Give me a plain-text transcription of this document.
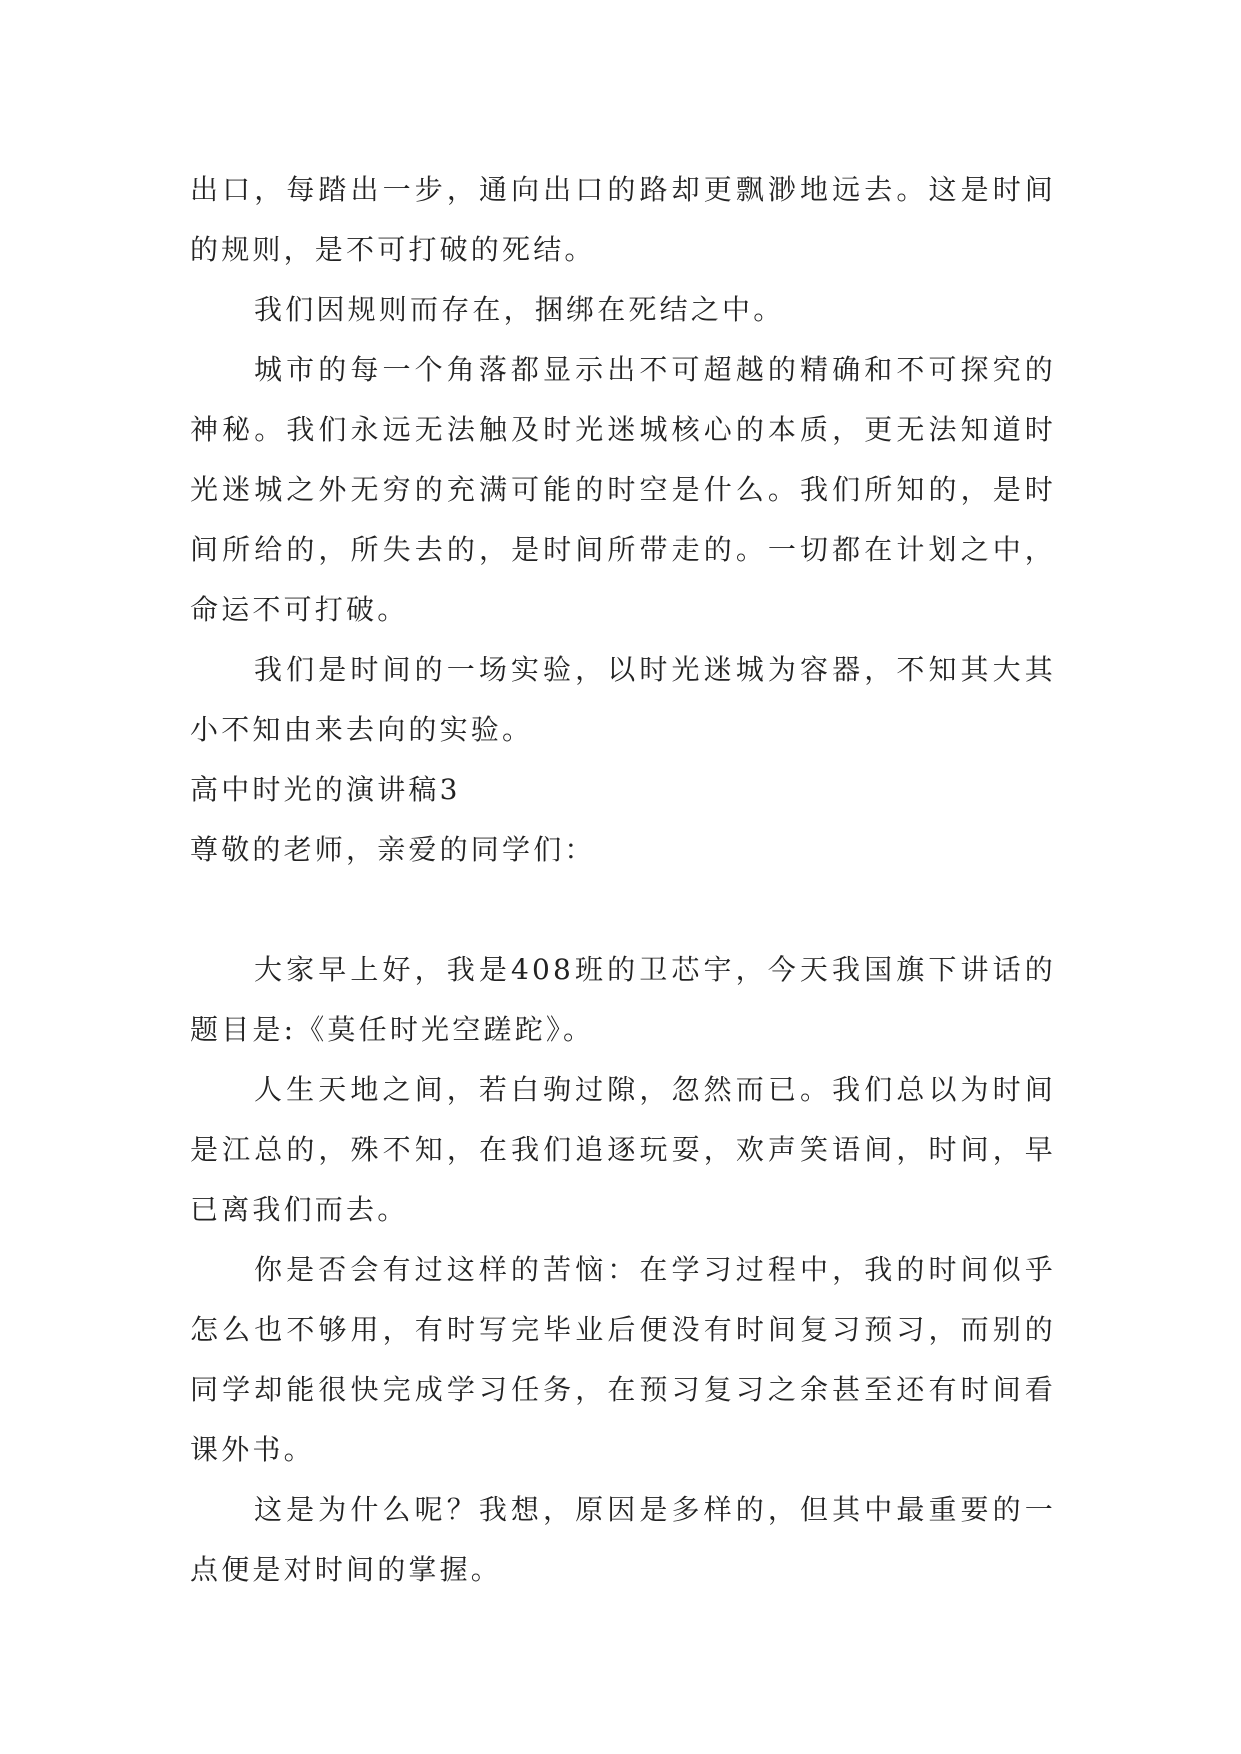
出口，每踏出一步，通向出口的路却更飘渺地远去。这是时间的规则，是不可打破的死结。

我们因规则而存在，捆绑在死结之中。

城市的每一个角落都显示出不可超越的精确和不可探究的神秘。我们永远无法触及时光迷城核心的本质，更无法知道时光迷城之外无穷的充满可能的时空是什么。我们所知的，是时间所给的，所失去的，是时间所带走的。一切都在计划之中，命运不可打破。

我们是时间的一场实验，以时光迷城为容器，不知其大其小不知由来去向的实验。

高中时光的演讲稿3

尊敬的老师，亲爱的同学们：

大家早上好，我是408班的卫芯宇，今天我国旗下讲话的题目是:《莫任时光空蹉跎》。

人生天地之间，若白驹过隙，忽然而已。我们总以为时间是江总的，殊不知，在我们追逐玩耍，欢声笑语间，时间，早已离我们而去。

你是否会有过这样的苦恼：在学习过程中，我的时间似乎怎么也不够用，有时写完毕业后便没有时间复习预习，而别的同学却能很快完成学习任务，在预习复习之余甚至还有时间看课外书。

这是为什么呢？我想，原因是多样的，但其中最重要的一点便是对时间的掌握。
